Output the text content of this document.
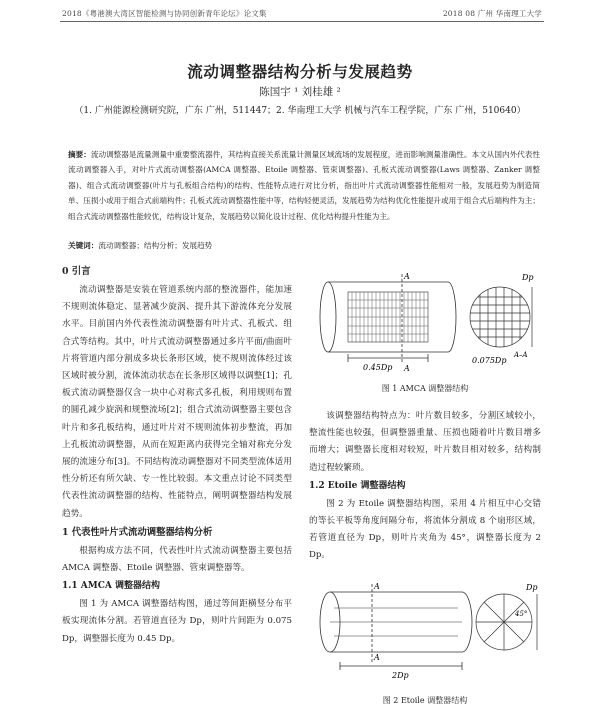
2018《粤港澳大湾区智能检测与协同创新青年论坛》论文集	2018 08 广州 华南理工大学
流动调整器结构分析与发展趋势
陈国宇 ¹ 刘桂雄 ²
（1. 广州能源检测研究院，广东 广州，511447；2. 华南理工大学 机械与汽车工程学院，广东 广州，510640）
摘要：流动调整器是流量测量中重要整流器件，其结构直接关系流量计测量区域流场的发展程度，进而影响测量准确性。本文从国内外代表性流动调整器入手，对叶片式流动调整器(AMCA 调整器、Etoile 调整器、管束调整器)、孔板式流动调整器(Laws 调整器、Zanker 调整器)、组合式流动调整器(叶片与孔板组合结构)的结构、性能特点进行对比分析，指出叶片式流动调整器性能相对一般，发展趋势为制造简单、压损小或用于组合式前端构件；孔板式流动调整器性能中等，结构轻便灵活，发展趋势为结构优化性能提升或用于组合式后端构件为主；组合式流动调整器性能较优，结构设计复杂，发展趋势以简化设计过程、优化结构提升性能为主。
关键词：流动调整器；结构分析；发展趋势
0 引言

流动调整器是安装在管道系统内部的整流器件，能加速不规则流体稳定、显著减少旋涡、提升其下游流体充分发展水平。目前国内外代表性流动调整器有叶片式、孔板式、组合式等结构。其中，叶片式流动调整器通过多片平面/曲面叶片将管道内部分割成多块长条形区域，使不规则流体经过该区域时被分割，流体流动状态在长条形区域得以调整[1]；孔板式流动调整器仅含一块中心对称式多孔板，利用规则布置的圆孔减少旋涡和规整流场[2]；组合式流动调整器主要包含叶片和多孔板结构，通过叶片对不规则流体初步整流，再加上孔板流动调整器，从而在短距离内获得完全轴对称充分发展的流速分布[3]。不同结构流动调整器对不同类型流体适用性分析还有所欠缺、专一性比较弱。本文重点讨论不同类型代表性流动调整器的结构、性能特点，阐明调整器结构发展趋势。

1 代表性叶片式流动调整器结构分析

根据构成方法不同，代表性叶片式流动调整器主要包括 AMCA 调整器、Etoile 调整器、管束调整器等。

1.1 AMCA 调整器结构

图 1 为 AMCA 调整器结构图，通过等间距横竖分布平板实现流体分割。若管道直径为 Dp，则叶片间距为 0.075 Dp，调整器长度为 0.45 Dp。

A
A
0.45Dp
Dp
0.075Dp
A–A
图 1 AMCA 调整器结构

该调整器结构特点为：叶片数目较多，分割区域较小，整流性能也较强，但调整器重量、压损也随着叶片数目增多而增大；调整器长度相对较短，叶片数目相对较多，结构制造过程较繁琐。

1.2 Etoile 调整器结构

图 2 为 Etoile 调整器结构图，采用 4 片相互中心交错的等长平板等角度间隔分布，将流体分割成 8 个扇形区域，若管道直径为 Dp，则叶片夹角为 45°，调整器长度为 2 Dp。

A
A
2Dp
45°
Dp
图 2 Etoile 调整器结构
